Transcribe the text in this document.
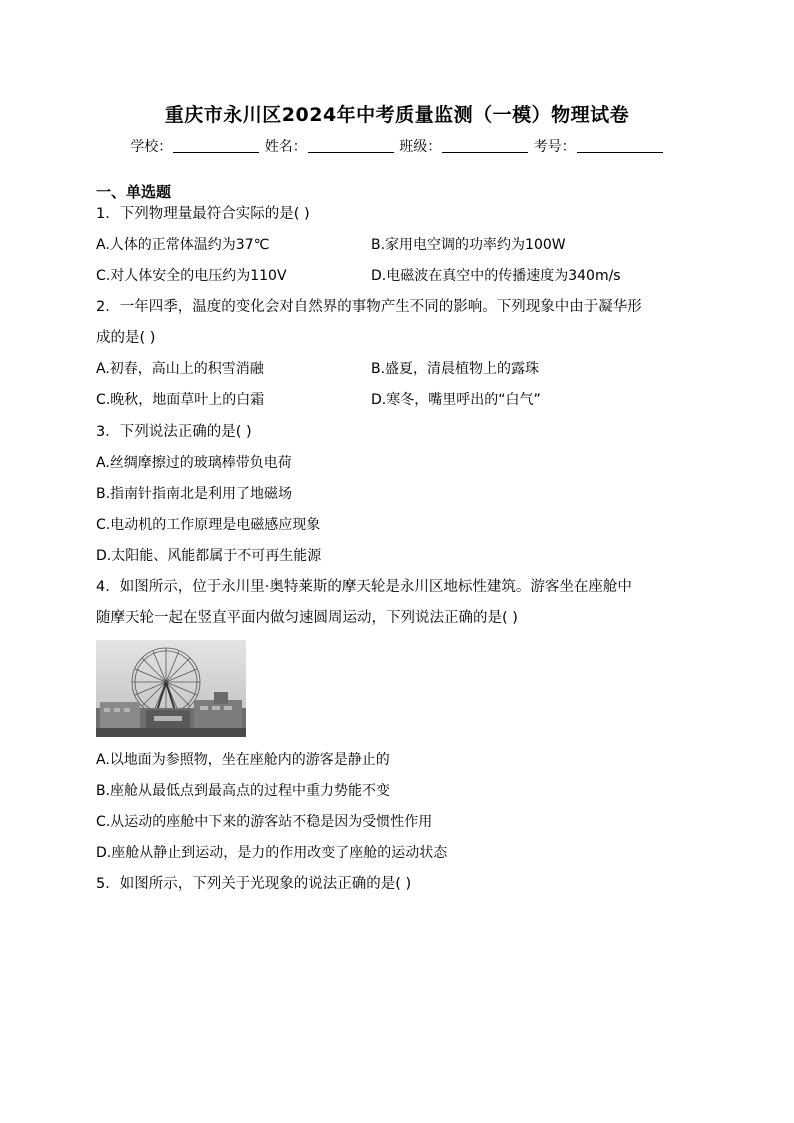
重庆市永川区2024年中考质量监测（一模）物理试卷
学校：	姓名：	班级：	考号：
一、单选题
1．下列物理量最符合实际的是( )
A.人体的正常体温约为37℃	B.家用电空调的功率约为100W
C.对人体安全的电压约为110V	D.电磁波在真空中的传播速度为340m/s
2．一年四季，温度的变化会对自然界的事物产生不同的影响。下列现象中由于凝华形
成的是( )
A.初春，高山上的积雪消融	B.盛夏，清晨植物上的露珠
C.晚秋，地面草叶上的白霜	D.寒冬，嘴里呼出的“白气”
3．下列说法正确的是( )
A.丝绸摩擦过的玻璃棒带负电荷
B.指南针指南北是利用了地磁场
C.电动机的工作原理是电磁感应现象
D.太阳能、风能都属于不可再生能源
4．如图所示，位于永川里·奥特莱斯的摩天轮是永川区地标性建筑。游客坐在座舱中
随摩天轮一起在竖直平面内做匀速圆周运动，下列说法正确的是( )
A.以地面为参照物，坐在座舱内的游客是静止的
B.座舱从最低点到最高点的过程中重力势能不变
C.从运动的座舱中下来的游客站不稳是因为受惯性作用
D.座舱从静止到运动，是力的作用改变了座舱的运动状态
5．如图所示，下列关于光现象的说法正确的是( )
